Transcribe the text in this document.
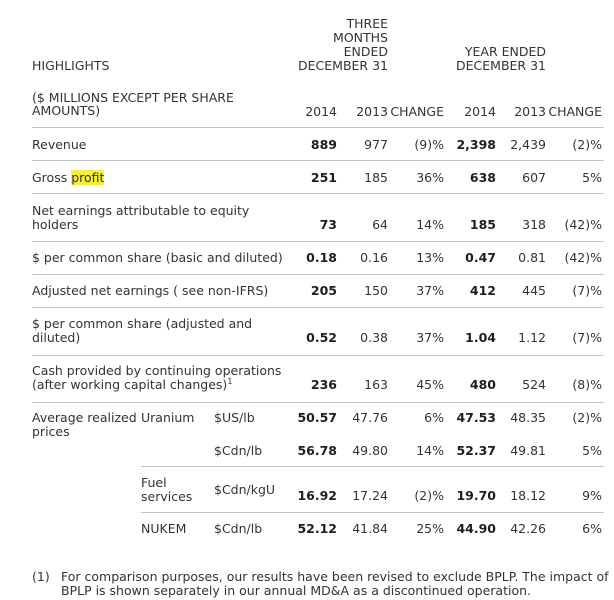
HIGHLIGHTS
($ MILLIONS EXCEPT PER SHARE
AMOUNTS)
THREE
MONTHS
ENDED
DECEMBER 31
YEAR ENDED
DECEMBER 31
2014 2013 CHANGE 2014 2013 CHANGE
Revenue	889 977 (9)% 2,398 2,439 (2)%
Gross profit	251 185 36% 638 607	5%
Net earnings attributable to equity
holders	73	64 14% 185 318 (42)%
$ per common share (basic and diluted) 0.18 0.16 13% 0.47 0.81 (42)%
Adjusted net earnings ( see non-IFRS)	205 150 37% 412 445 (7)%
$ per common share (adjusted and
diluted)	0.52 0.38 37% 1.04 1.12 (7)%
Cash provided by continuing operations
(after working capital changes)$^1$	236 163 45% 480 524 (8)%
Average realized
prices
Uranium $US/lb	50.57 47.76	6% 47.53 48.35 (2)%
$Cdn/lb	56.78 49.80 14% 52.37 49.81	5%
Fuel
services $Cdn/kgU 16.92 17.24 (2)% 19.70 18.12	9%
NUKEM $Cdn/lb	52.12 41.84 25% 44.90 42.26	6%
(1) For comparison purposes, our results have been revised to exclude BPLP. The impact of
BPLP is shown separately in our annual MD&A as a discontinued operation.
